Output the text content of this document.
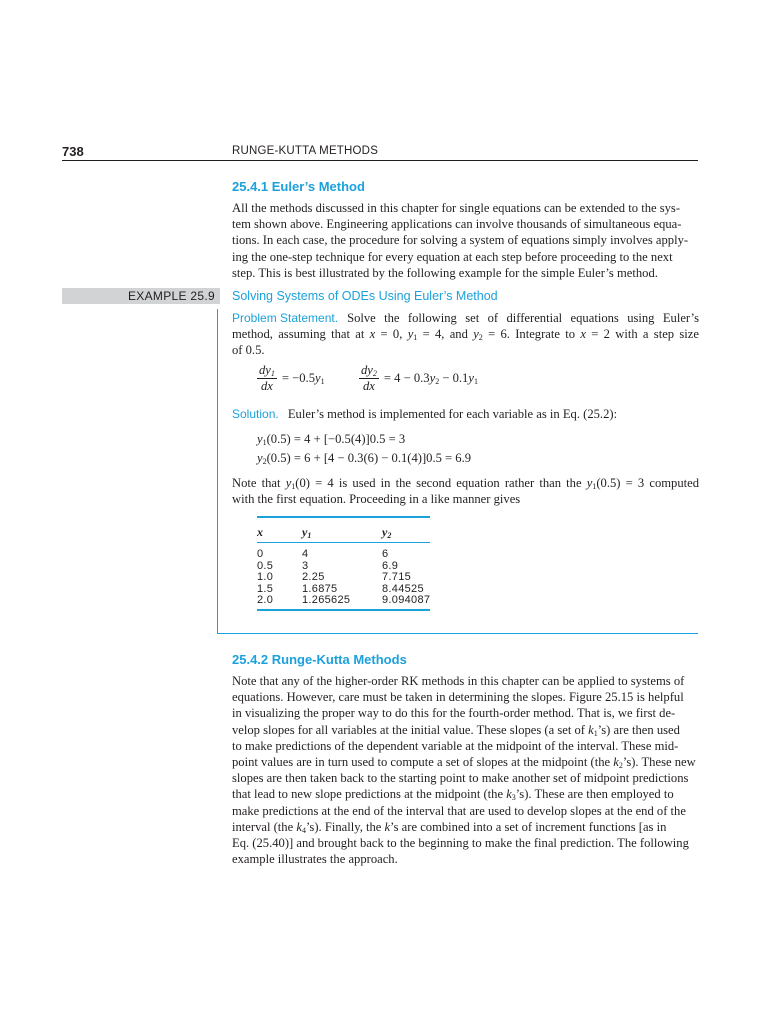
738	RUNGE-KUTTA METHODS
25.4.1 Euler’s Method

All the methods discussed in this chapter for single equations can be extended to the sys-

tem shown above. Engineering applications can involve thousands of simultaneous equa-

tions. In each case, the procedure for solving a system of equations simply involves apply-

ing the one-step technique for every equation at each step before proceeding to the next

step. This is best illustrated by the following example for the simple Euler’s method.

EXAMPLE 25.9 Solving Systems of ODEs Using Euler’s Method

Problem Statement. Solve the following set of differential equations using Euler’s

method, assuming that at x = 0, $y_1 = 4$, and $y_2 = 6$. Integrate to x = 2 with a step size

of 0.5.

$\frac{dy_1}{dx} = -0.5y_1$	$\frac{dy_2}{dx} = 4 - 0.3y_2 - 0.1y_1$
Solution. Euler’s method is implemented for each variable as in Eq. (25.2):
$y_1(0.5) = 4 + [-0.5(4)]0.5 = 3$
$y_2(0.5) = 6 + [4 - 0.3(6) - 0.1(4)]0.5 = 6.9$

Note that $y_1(0) = 4$ is used in the second equation rather than the $y_1(0.5) = 3$ computed

with the first equation. Proceeding in a like manner gives

x	$y_1$	$y_2$

0	4	6
0.5	3	6.9
1.0	2.25	7.715
1.5	1.6875	8.44525
2.0	1.265625	9.094087
25.4.2 Runge-Kutta Methods

Note that any of the higher-order RK methods in this chapter can be applied to systems of

equations. However, care must be taken in determining the slopes. Figure 25.15 is helpful

in visualizing the proper way to do this for the fourth-order method. That is, we first de-

velop slopes for all variables at the initial value. These slopes (a set of $k_1’s$) are then used

to make predictions of the dependent variable at the midpoint of the interval. These mid-

point values are in turn used to compute a set of slopes at the midpoint (the $k_2’s$). These new

slopes are then taken back to the starting point to make another set of midpoint predictions

that lead to new slope predictions at the midpoint (the $k_3’s$). These are then employed to

make predictions at the end of the interval that are used to develop slopes at the end of the

interval (the $k_4’s$). Finally, the k’s are combined into a set of increment functions [as in

Eq. (25.40)] and brought back to the beginning to make the final prediction. The following

example illustrates the approach.
